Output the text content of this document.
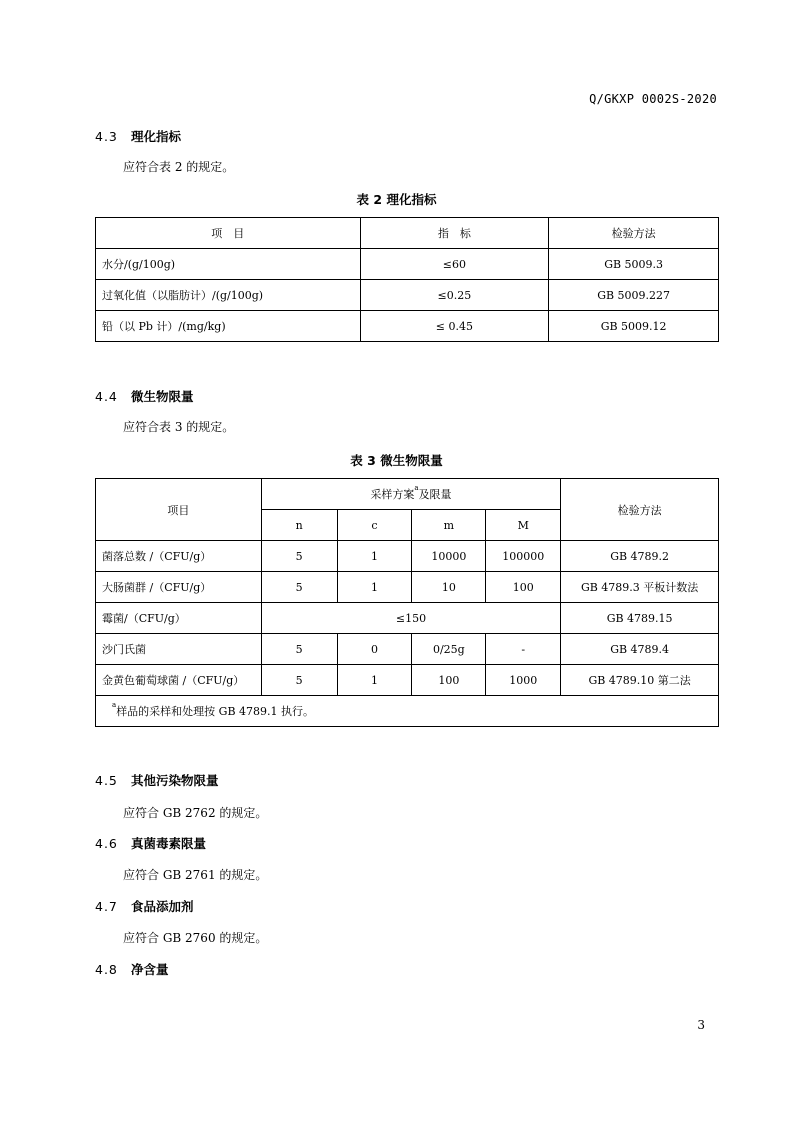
Q/GKXP 0002S-2020
4.3 理化指标
应符合表 2 的规定。
表 2 理化指标
项　目	指　标	检验方法
水分/(g/100g)	≤60	GB 5009.3
过氧化值（以脂肪计）/(g/100g)	≤0.25	GB 5009.227
铅（以 Pb 计）/(mg/kg)	≤ 0.45	GB 5009.12
4.4 微生物限量
应符合表 3 的规定。
表 3 微生物限量
项目	采样方案$^a$及限量				检验方法
	n	c	m	M	
菌落总数 /（CFU/g）	5	1	10000	100000	GB 4789.2
大肠菌群 /（CFU/g）	5	1	10	100	GB 4789.3 平板计数法
霉菌/（CFU/g）	≤150				GB 4789.15
沙门氏菌	5	0	0/25g	-	GB 4789.4
金黄色葡萄球菌 /（CFU/g）	5	1	100	1000	GB 4789.10 第二法
$^a$样品的采样和处理按 GB 4789.1 执行。					
4.5 其他污染物限量
应符合 GB 2762 的规定。
4.6 真菌毒素限量
应符合 GB 2761 的规定。
4.7 食品添加剂
应符合 GB 2760 的规定。
4.8 净含量
3
